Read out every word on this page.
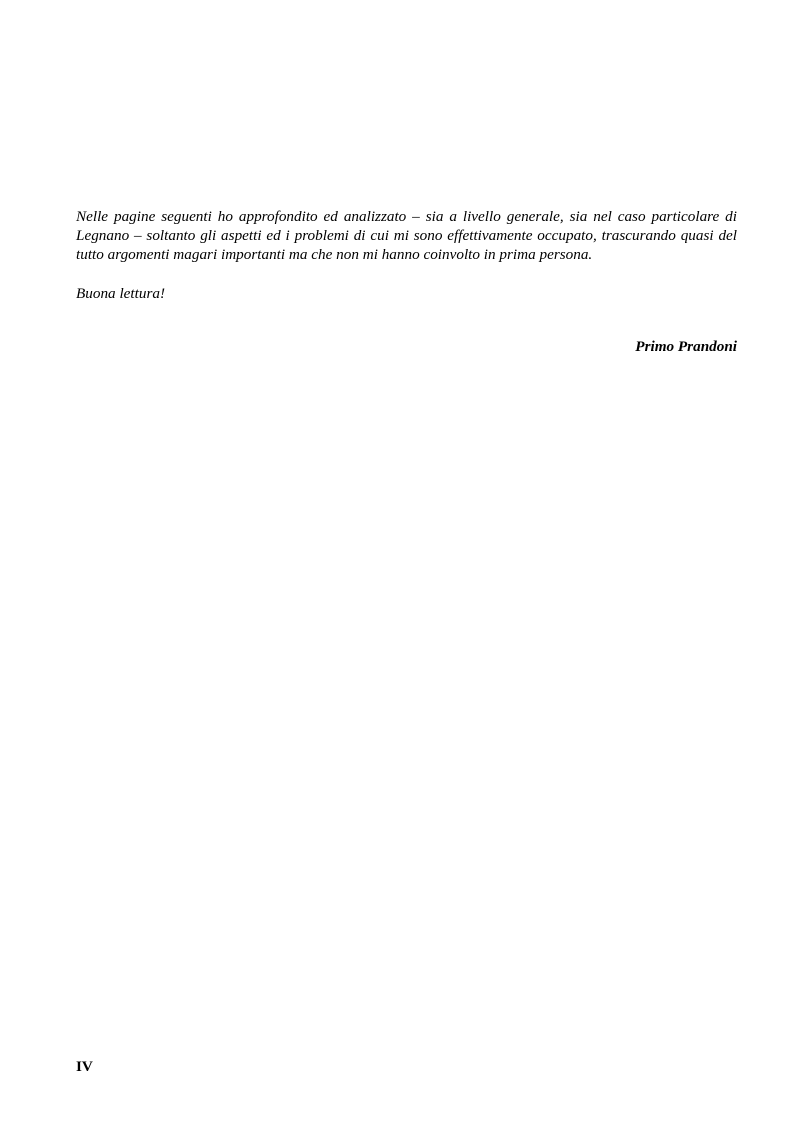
Nelle pagine seguenti ho approfondito ed analizzato – sia a livello generale, sia nel caso particolare di Legnano – soltanto gli aspetti ed i problemi di cui mi sono effettivamente occupato, trascurando quasi del tutto argomenti magari importanti ma che non mi hanno coinvolto in prima persona.

Buona lettura!

Primo Prandoni

IV
